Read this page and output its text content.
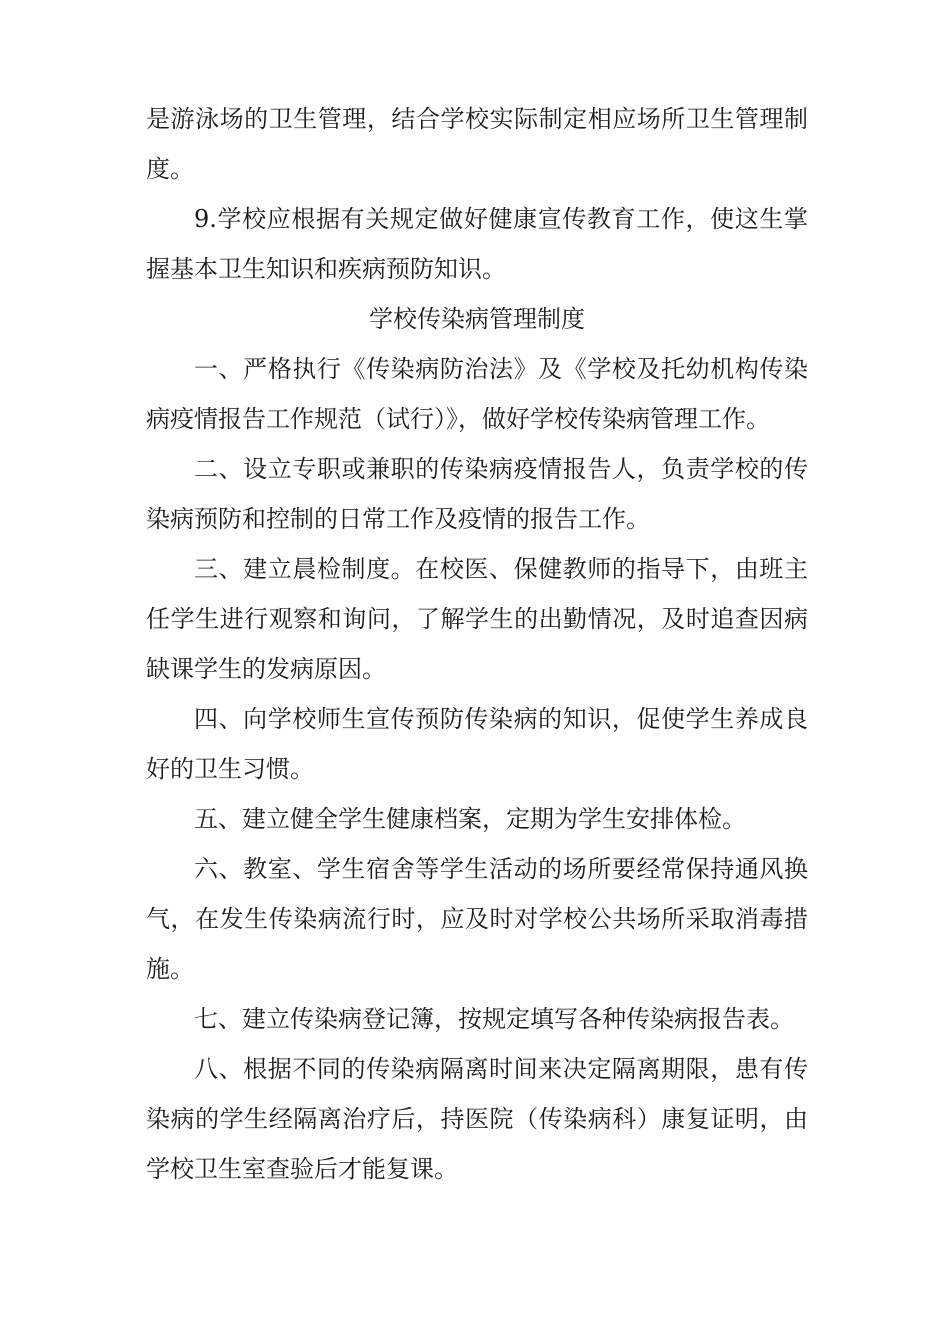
是游泳场的卫生管理，结合学校实际制定相应场所卫生管理制度。

9.学校应根据有关规定做好健康宣传教育工作，使这生掌握基本卫生知识和疾病预防知识。

学校传染病管理制度

一、严格执行《传染病防治法》及《学校及托幼机构传染病疫情报告工作规范（试行）》，做好学校传染病管理工作。

二、设立专职或兼职的传染病疫情报告人，负责学校的传染病预防和控制的日常工作及疫情的报告工作。

三、建立晨检制度。在校医、保健教师的指导下，由班主任学生进行观察和询问，了解学生的出勤情况，及时追查因病缺课学生的发病原因。

四、向学校师生宣传预防传染病的知识，促使学生养成良好的卫生习惯。

五、建立健全学生健康档案，定期为学生安排体检。

六、教室、学生宿舍等学生活动的场所要经常保持通风换气，在发生传染病流行时，应及时对学校公共场所采取消毒措施。

七、建立传染病登记簿，按规定填写各种传染病报告表。

八、根据不同的传染病隔离时间来决定隔离期限，患有传染病的学生经隔离治疗后，持医院（传染病科）康复证明，由学校卫生室查验后才能复课。
